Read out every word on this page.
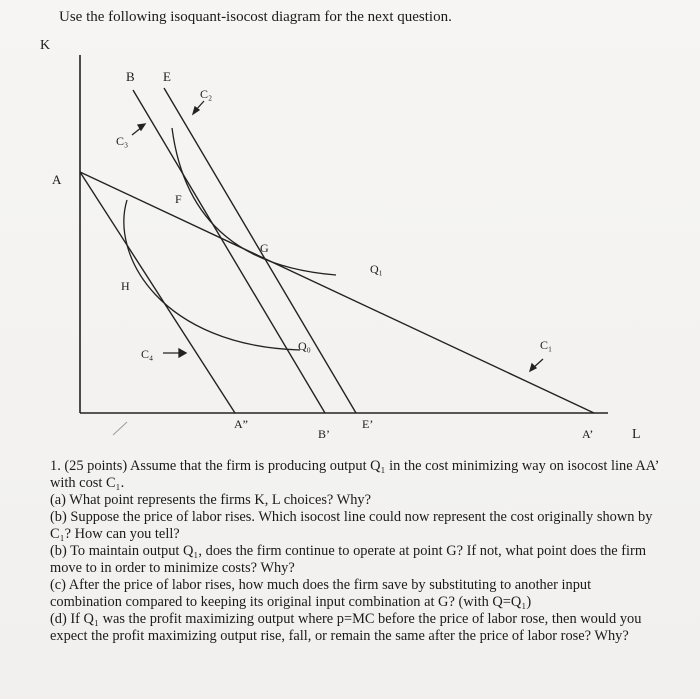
Use the following isoquant-isocost diagram for the next question.
K
L
A
B E
C₂
C₃
F
G
Q₁
H
Q₀	C₁
C₄
A”
B’
E’
A’

1. (25 points) Assume that the firm is producing output Q₁ in the cost minimizing way on isocost line AA’ with cost C₁.

(a) What point represents the firms K, L choices? Why?

(b) Suppose the price of labor rises. Which isocost line could now represent the cost originally shown by C₁? How can you tell?

(b) To maintain output Q₁, does the firm continue to operate at point G? If not, what point does the firm move to in order to minimize costs? Why?

(c) After the price of labor rises, how much does the firm save by substituting to another input combination compared to keeping its original input combination at G? (with Q=Q₁)

(d) If Q₁ was the profit maximizing output where p=MC before the price of labor rose, then would you expect the profit maximizing output rise, fall, or remain the same after the price of labor rose? Why?
